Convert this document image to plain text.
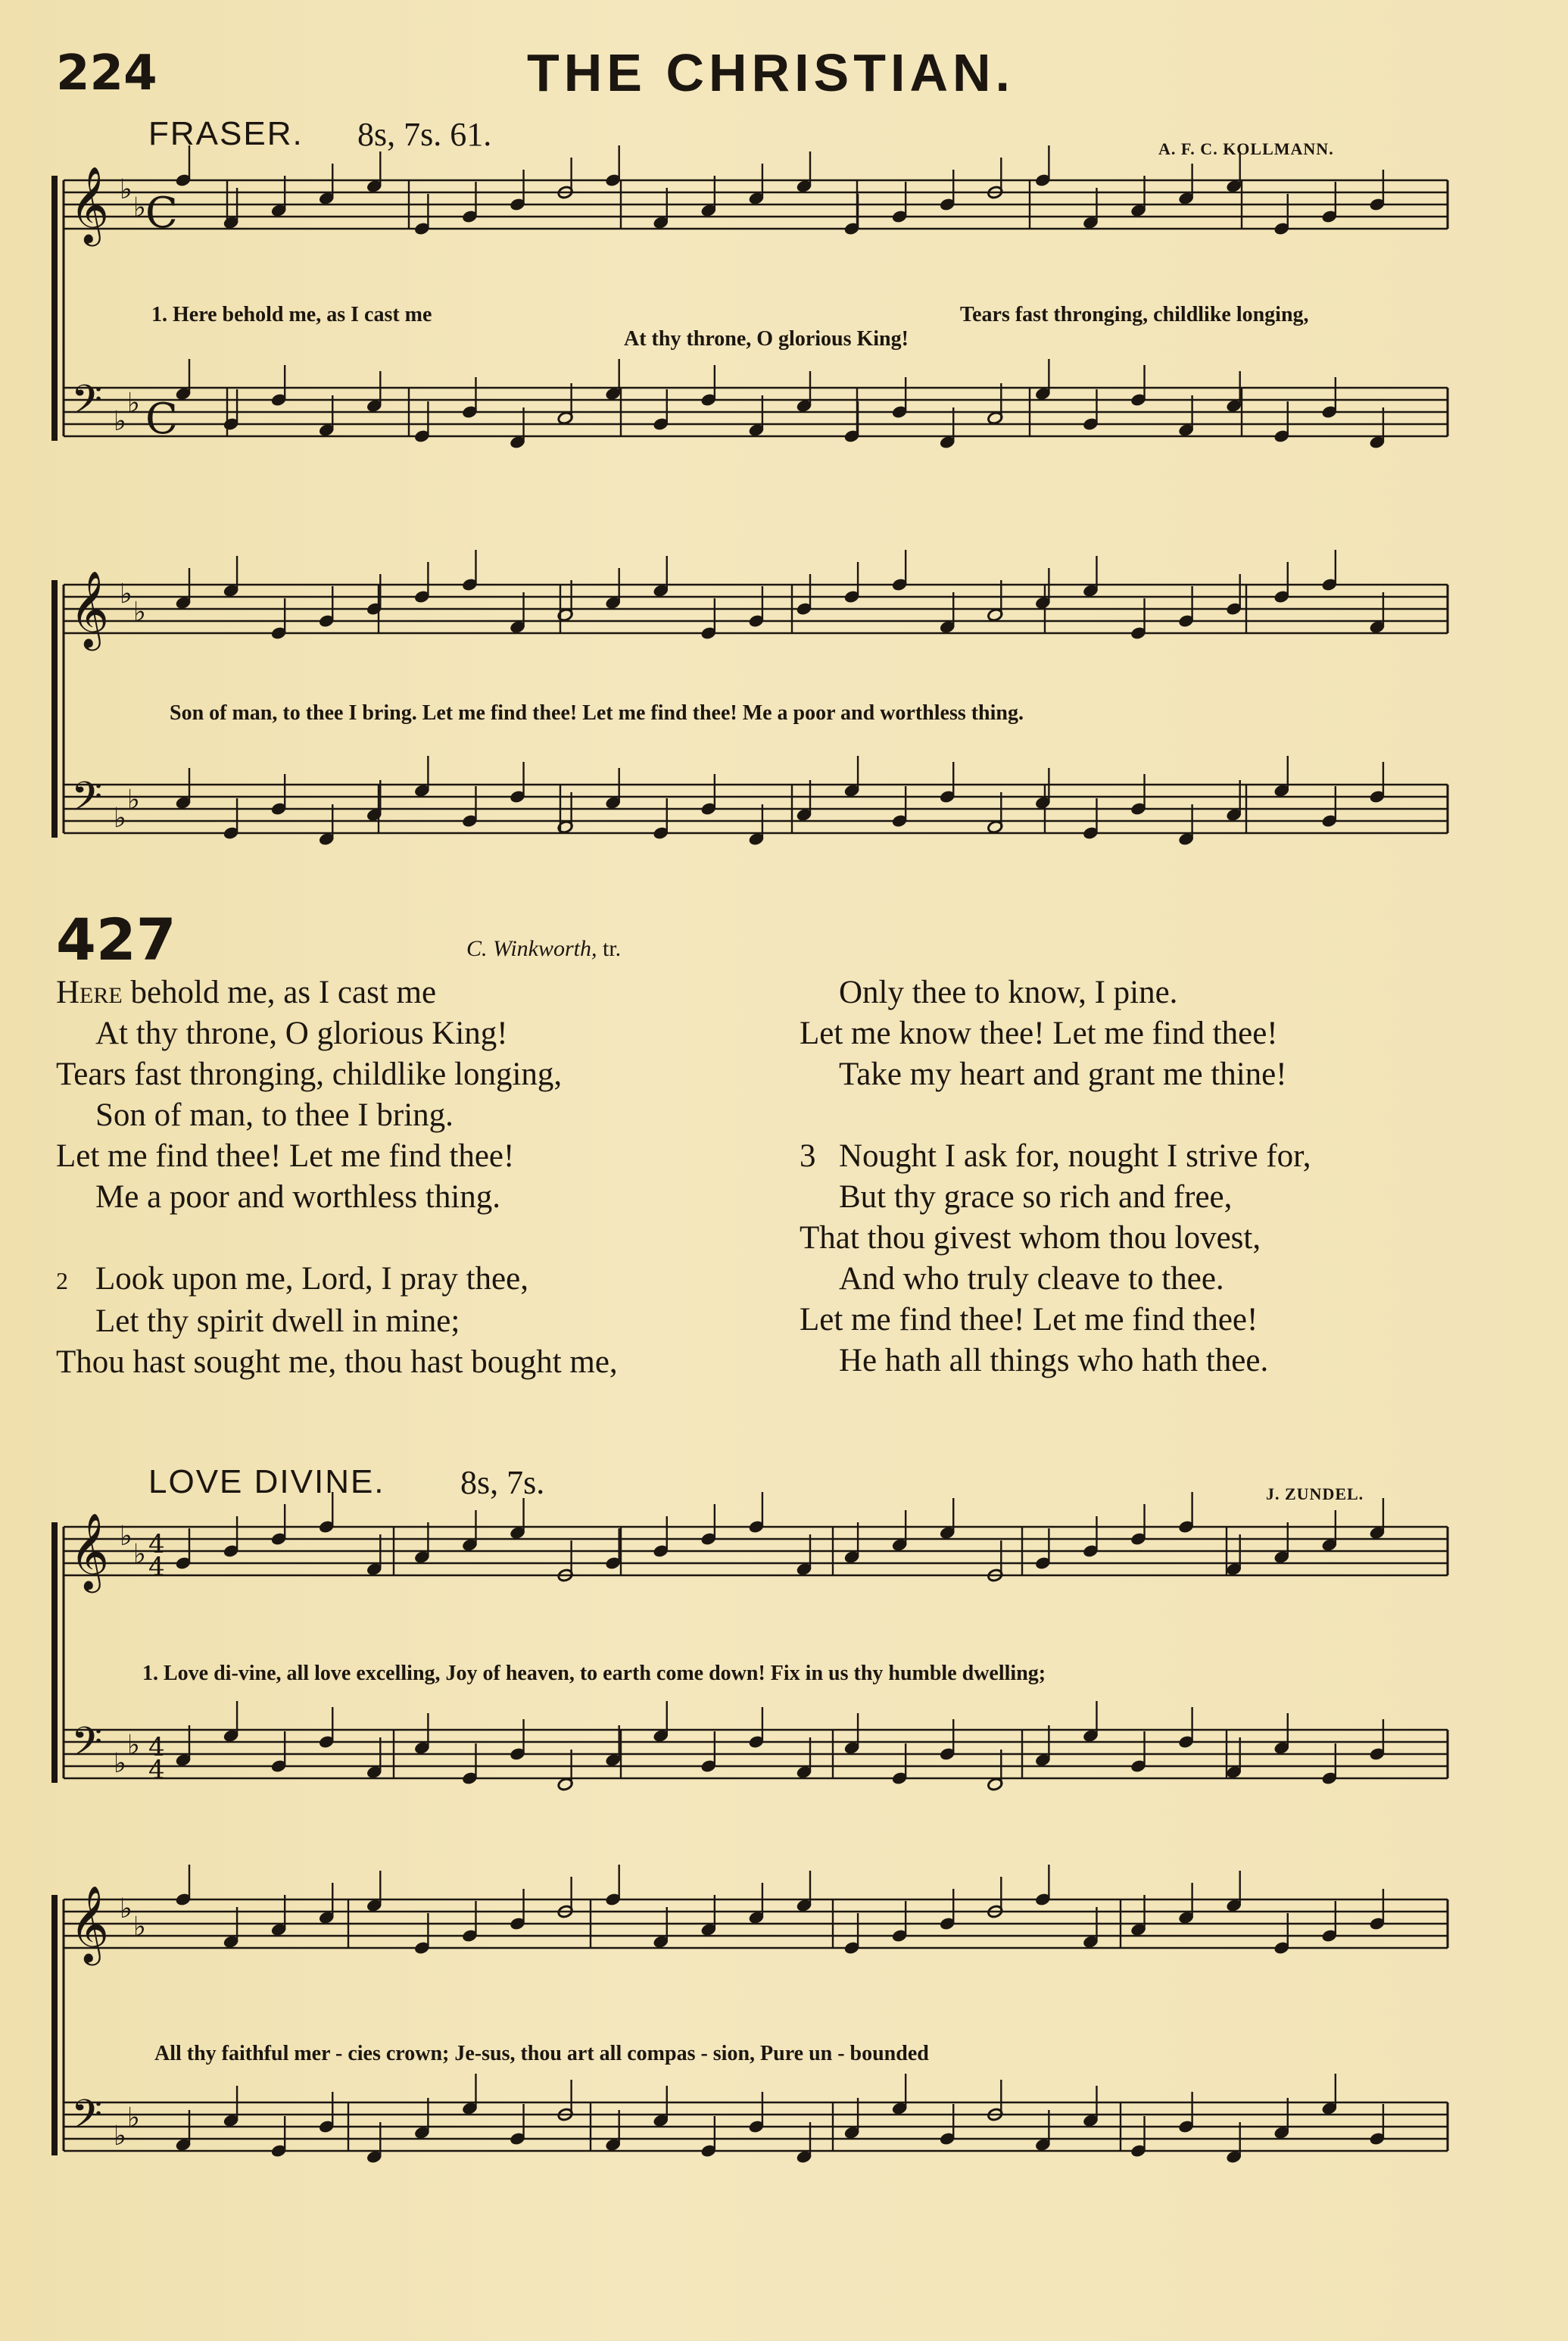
224	THE CHRISTIAN.
FRASER. 8s, 7s. 61.	A. F. C. KOLLMANN.
𝄞
𝄢
♭
♭
♭
♭
𝄞
𝄢
♭
♭
♭
♭
𝄞
𝄢
♭
♭
♭
♭
𝄞
𝄢
♭
♭
♭
♭
C
C
4
4
4
4
1. Here behold me, as I cast me
At thy throne, O glorious King!
Tears fast thronging, childlike longing,
Son of man, to thee I bring. Let me find thee! Let me find thee! Me a poor and worthless thing.
427	C. Winkworth, tr.
Here behold me, as I cast me
At thy throne, O glorious King!
Tears fast thronging, childlike longing,
Son of man, to thee I bring.
Let me find thee! Let me find thee!
Me a poor and worthless thing.
2 Look upon me, Lord, I pray thee,
Let thy spirit dwell in mine;
Thou hast sought me, thou hast bought me,
Only thee to know, I pine.
Let me know thee! Let me find thee!
Take my heart and grant me thine!
3 Nought I ask for, nought I strive for,
But thy grace so rich and free,
That thou givest whom thou lovest,
And who truly cleave to thee.
Let me find thee! Let me find thee!
He hath all things who hath thee.
LOVE DIVINE. 8s, 7s.	J. ZUNDEL.
1. Love di-vine, all love excelling, Joy of heaven, to earth come down! Fix in us thy humble dwelling;
All thy faithful mer - cies crown; Je-sus, thou art all compas - sion, Pure un - bounded
